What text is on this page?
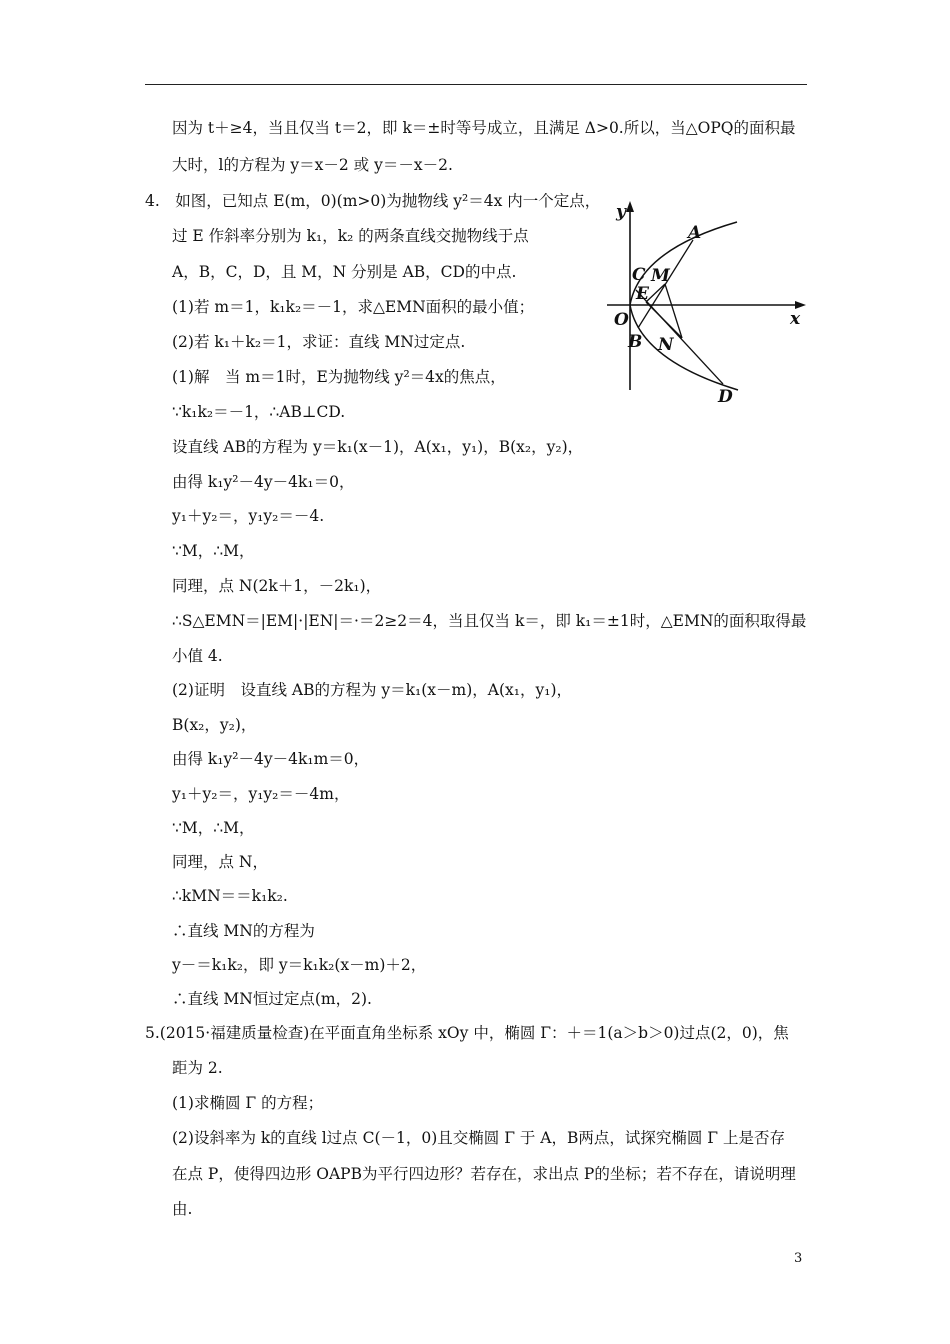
因为 t＋≥4，当且仅当 t＝2，即 k＝±时等号成立，且满足 Δ>0.所以，当△OPQ的面积最
大时，l的方程为 y＝x－2 或 y＝－x－2.
4.　如图，已知点 E(m，0)(m>0)为抛物线 y²＝4x 内一个定点，
过 E 作斜率分别为 k₁，k₂ 的两条直线交抛物线于点
A，B，C，D，且 M，N 分别是 AB，CD的中点.
(1)若 m＝1，k₁k₂＝－1，求△EMN面积的最小值；
(2)若 k₁＋k₂＝1，求证：直线 MN过定点.
(1)解　当 m＝1时，E为抛物线 y²＝4x的焦点，
∵k₁k₂＝－1，∴AB⊥CD.
设直线 AB的方程为 y＝k₁(x－1)，A(x₁，y₁)，B(x₂，y₂)，
由得 k₁y²－4y－4k₁＝0，
y₁＋y₂＝，y₁y₂＝－4.
∵M，∴M，
同理，点 N(2k＋1，－2k₁)，
∴S△EMN＝|EM|·|EN|＝·＝2≥2＝4，当且仅当 k＝，即 k₁＝±1时，△EMN的面积取得最
小值 4.
(2)证明　设直线 AB的方程为 y＝k₁(x－m)，A(x₁，y₁)，
B(x₂，y₂)，
由得 k₁y²－4y－4k₁m＝0，
y₁＋y₂＝，y₁y₂＝－4m，
∵M，∴M，
同理，点 N，
∴kMN＝＝k₁k₂.
∴直线 MN的方程为
y－＝k₁k₂，即 y＝k₁k₂(x－m)＋2，
∴直线 MN恒过定点(m，2).
5.(2015·福建质量检查)在平面直角坐标系 xOy 中，椭圆 Γ：＋＝1(a＞b＞0)过点(2，0)，焦
距为 2.
(1)求椭圆 Γ 的方程；
(2)设斜率为 k的直线 l过点 C(－1，0)且交椭圆 Γ 于 A，B两点，试探究椭圆 Γ 上是否存
在点 P，使得四边形 OAPB为平行四边形？若存在，求出点 P的坐标；若不存在，请说明理
由.
y
x
O
A
C M
E
B N
D
3
